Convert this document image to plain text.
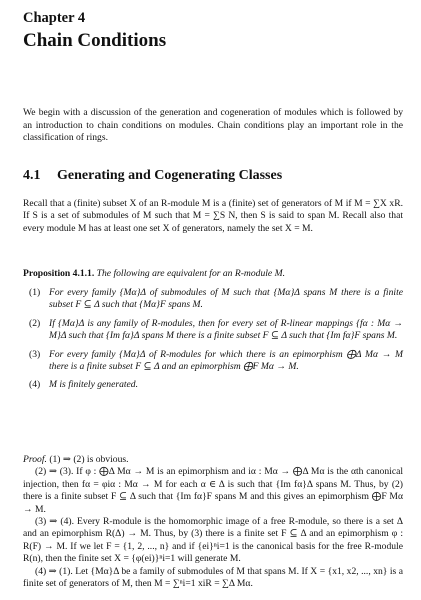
Chapter 4
Chain Conditions
We begin with a discussion of the generation and cogeneration of modules which is followed by an introduction to chain conditions on modules. Chain conditions play an important role in the classification of rings.
4.1 Generating and Cogenerating Classes
Recall that a (finite) subset X of an R-module M is a (finite) set of generators of M if M = ∑X xR. If S is a set of submodules of M such that M = ∑S N, then S is said to span M. Recall also that every module M has at least one set X of generators, namely the set X = M.
Proposition 4.1.1. The following are equivalent for an R-module M.
(1) For every family {Mα}Δ of submodules of M such that {Mα}Δ spans M there is a finite subset F ⊆ Δ such that {Mα}F spans M.
(2) If {Mα}Δ is any family of R-modules, then for every set of R-linear mappings {fα : Mα → M}Δ such that {Im fα}Δ spans M there is a finite subset F ⊆ Δ such that {Im fα}F spans M.
(3) For every family {Mα}Δ of R-modules for which there is an epimorphism ⨁Δ Mα → M there is a finite subset F ⊆ Δ and an epimorphism ⨁F Mα → M.
(4) M is finitely generated.

Proof. (1) ⇒ (2) is obvious.

(2) ⇒ (3). If φ : ⨁Δ Mα → M is an epimorphism and iα : Mα → ⨁Δ Mα is the αth canonical injection, then fα = φiα : Mα → M for each α ∈ Δ is such that {Im fα}Δ spans M. Thus, by (2) there is a finite subset F ⊆ Δ such that {Im fα}F spans M and this gives an epimorphism ⨁F Mα → M.

(3) ⇒ (4). Every R-module is the homomorphic image of a free R-module, so there is a set Δ and an epimorphism R(Δ) → M. Thus, by (3) there is a finite set F ⊆ Δ and an epimorphism φ : R(F) → M. If we let F = {1, 2, ..., n} and if {ei}ⁿi=1 is the canonical basis for the free R-module R(n), then the finite set X = {φ(ei)}ⁿi=1 will generate M.

(4) ⇒ (1). Let {Mα}Δ be a family of submodules of M that spans M. If X = {x1, x2, ..., xn} is a finite set of generators of M, then M = ∑ⁿi=1 xiR = ∑Δ Mα.
